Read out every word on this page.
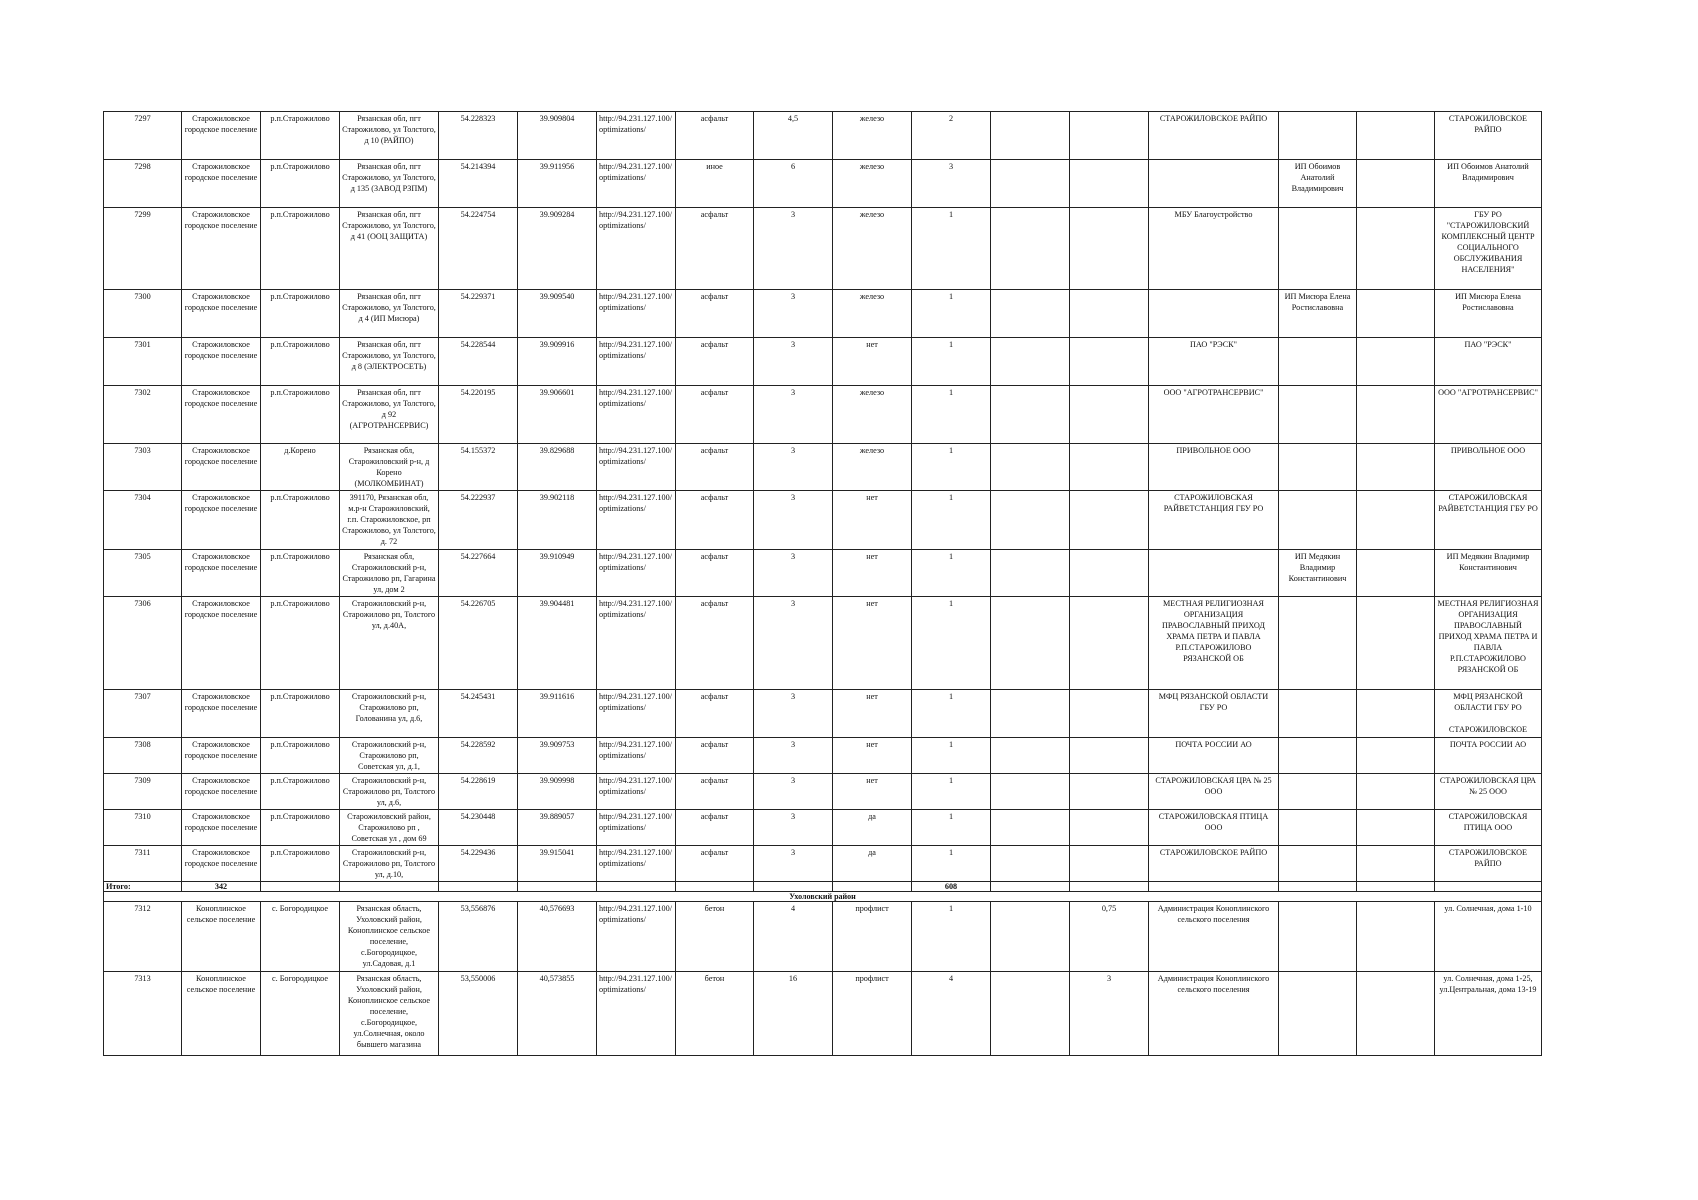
7297	Старожиловское городское поселение	р.п.Старожилово	Рязанская обл, пгт Старожилово, ул Толстого, д 10 (РАЙПО)	54.228323	39.909804	http://94.231.127.100/optimizations/	асфальт	4,5	железо	2			СТАРОЖИЛОВСКОЕ РАЙПО			СТАРОЖИЛОВСКОЕ РАЙПО
7298	Старожиловское городское поселение	р.п.Старожилово	Рязанская обл, пгт Старожилово, ул Толстого, д 135 (ЗАВОД РЗПМ)	54.214394	39.911956	http://94.231.127.100/optimizations/	иное	6	железо	3				ИП Обоимов Анатолий Владимирович		ИП Обоимов Анатолий Владимирович
7299	Старожиловское городское поселение	р.п.Старожилово	Рязанская обл, пгт Старожилово, ул Толстого, д 41 (ООЦ ЗАЩИТА)	54.224754	39.909284	http://94.231.127.100/optimizations/	асфальт	3	железо	1			МБУ Благоустройство			ГБУ РО "СТАРОЖИЛОВСКИЙ КОМПЛЕКСНЫЙ ЦЕНТР СОЦИАЛЬНОГО ОБСЛУЖИВАНИЯ НАСЕЛЕНИЯ"
7300	Старожиловское городское поселение	р.п.Старожилово	Рязанская обл, пгт Старожилово, ул Толстого, д 4 (ИП Мисюра)	54.229371	39.909540	http://94.231.127.100/optimizations/	асфальт	3	железо	1				ИП Мисюра Елена Ростиславовна		ИП Мисюра Елена Ростиславовна
7301	Старожиловское городское поселение	р.п.Старожилово	Рязанская обл, пгт Старожилово, ул Толстого, д 8 (ЭЛЕКТРОСЕТЬ)	54.228544	39.909916	http://94.231.127.100/optimizations/	асфальт	3	нет	1			ПАО "РЭСК"			ПАО "РЭСК"
7302	Старожиловское городское поселение	р.п.Старожилово	Рязанская обл, пгт Старожилово, ул Толстого, д 92 (АГРОТРАНСЕРВИС)	54.220195	39.906601	http://94.231.127.100/optimizations/	асфальт	3	железо	1			ООО "АГРОТРАНСЕРВИС"			ООО "АГРОТРАНСЕРВИС"
7303	Старожиловское городское поселение	д.Корено	Рязанская обл, Старожиловский р-н, д Корено (МОЛКОМБИНАТ)	54.155372	39.829688	http://94.231.127.100/optimizations/	асфальт	3	железо	1			ПРИВОЛЬНОЕ ООО			ПРИВОЛЬНОЕ ООО
7304	Старожиловское городское поселение	р.п.Старожилово	391170, Рязанская обл, м.р-н Старожиловский, г.п. Старожиловское, рп Старожилово, ул Толстого, д. 72	54.222937	39.902118	http://94.231.127.100/optimizations/	асфальт	3	нет	1			СТАРОЖИЛОВСКАЯ РАЙВЕТСТАНЦИЯ ГБУ РО			СТАРОЖИЛОВСКАЯ РАЙВЕТСТАНЦИЯ ГБУ РО
7305	Старожиловское городское поселение	р.п.Старожилово	Рязанская обл, Старожиловский р-н, Старожилово рп, Гагарина ул, дом 2	54.227664	39.910949	http://94.231.127.100/optimizations/	асфальт	3	нет	1				ИП Медякин Владимир Константинович		ИП Медякин Владимир Константинович
7306	Старожиловское городское поселение	р.п.Старожилово	Старожиловский р-н, Старожилово рп, Толстого ул, д.40А,	54.226705	39.904481	http://94.231.127.100/optimizations/	асфальт	3	нет	1			МЕСТНАЯ РЕЛИГИОЗНАЯ ОРГАНИЗАЦИЯ ПРАВОСЛАВНЫЙ ПРИХОД ХРАМА ПЕТРА И ПАВЛА Р.П.СТАРОЖИЛОВО РЯЗАНСКОЙ ОБ			МЕСТНАЯ РЕЛИГИОЗНАЯ ОРГАНИЗАЦИЯ ПРАВОСЛАВНЫЙ ПРИХОД ХРАМА ПЕТРА И ПАВЛА Р.П.СТАРОЖИЛОВО РЯЗАНСКОЙ ОБ
7307	Старожиловское городское поселение	р.п.Старожилово	Старожиловский р-н, Старожилово рп, Голованина ул, д.6,	54.245431	39.911616	http://94.231.127.100/optimizations/	асфальт	3	нет	1			МФЦ РЯЗАНСКОЙ ОБЛАСТИ ГБУ РО			МФЦ РЯЗАНСКОЙ ОБЛАСТИ ГБУ РО

СТАРОЖИЛОВСКОЕ
7308	Старожиловское городское поселение	р.п.Старожилово	Старожиловский р-н, Старожилово рп, Советская ул, д.1,	54.228592	39.909753	http://94.231.127.100/optimizations/	асфальт	3	нет	1			ПОЧТА РОССИИ АО			ПОЧТА РОССИИ АО
7309	Старожиловское городское поселение	р.п.Старожилово	Старожиловский р-н, Старожилово рп, Толстого ул, д.6,	54.228619	39.909998	http://94.231.127.100/optimizations/	асфальт	3	нет	1			СТАРОЖИЛОВСКАЯ ЦРА № 25 ООО			СТАРОЖИЛОВСКАЯ ЦРА № 25 ООО
7310	Старожиловское городское поселение	р.п.Старожилово	Старожиловский район, Старожилово рп , Советская ул , дом 69	54.230448	39.889057	http://94.231.127.100/optimizations/	асфальт	3	да	1			СТАРОЖИЛОВСКАЯ ПТИЦА ООО			СТАРОЖИЛОВСКАЯ ПТИЦА ООО
7311	Старожиловское городское поселение	р.п.Старожилово	Старожиловский р-н, Старожилово рп, Толстого ул, д.10,	54.229436	39.915041	http://94.231.127.100/optimizations/	асфальт	3	да	1			СТАРОЖИЛОВСКОЕ РАЙПО			СТАРОЖИЛОВСКОЕ РАЙПО
Итого:	342									608						
Ухоловский район																
7312	Коноплинское сельское поселение	с. Богородицкое	Рязанская область, Ухоловский район, Коноплинское сельское поселение, с.Богородицкое, ул.Садовая, д.1	53,556876	40,576693	http://94.231.127.100/optimizations/	бетон	4	профлист	1		0,75	Администрация Коноплинского сельского поселения			ул. Солнечная, дома 1-10
7313	Коноплинское сельское поселение	с. Богородицкое	Рязанская область, Ухоловский район, Коноплинское сельское поселение, с.Богородицкое, ул.Солнечная, около бывшего магазина	53,550006	40,573855	http://94.231.127.100/optimizations/	бетон	16	профлист	4		3	Администрация Коноплинского сельского поселения			ул. Солнечная, дома 1-25, ул.Центральная, дома 13-19
